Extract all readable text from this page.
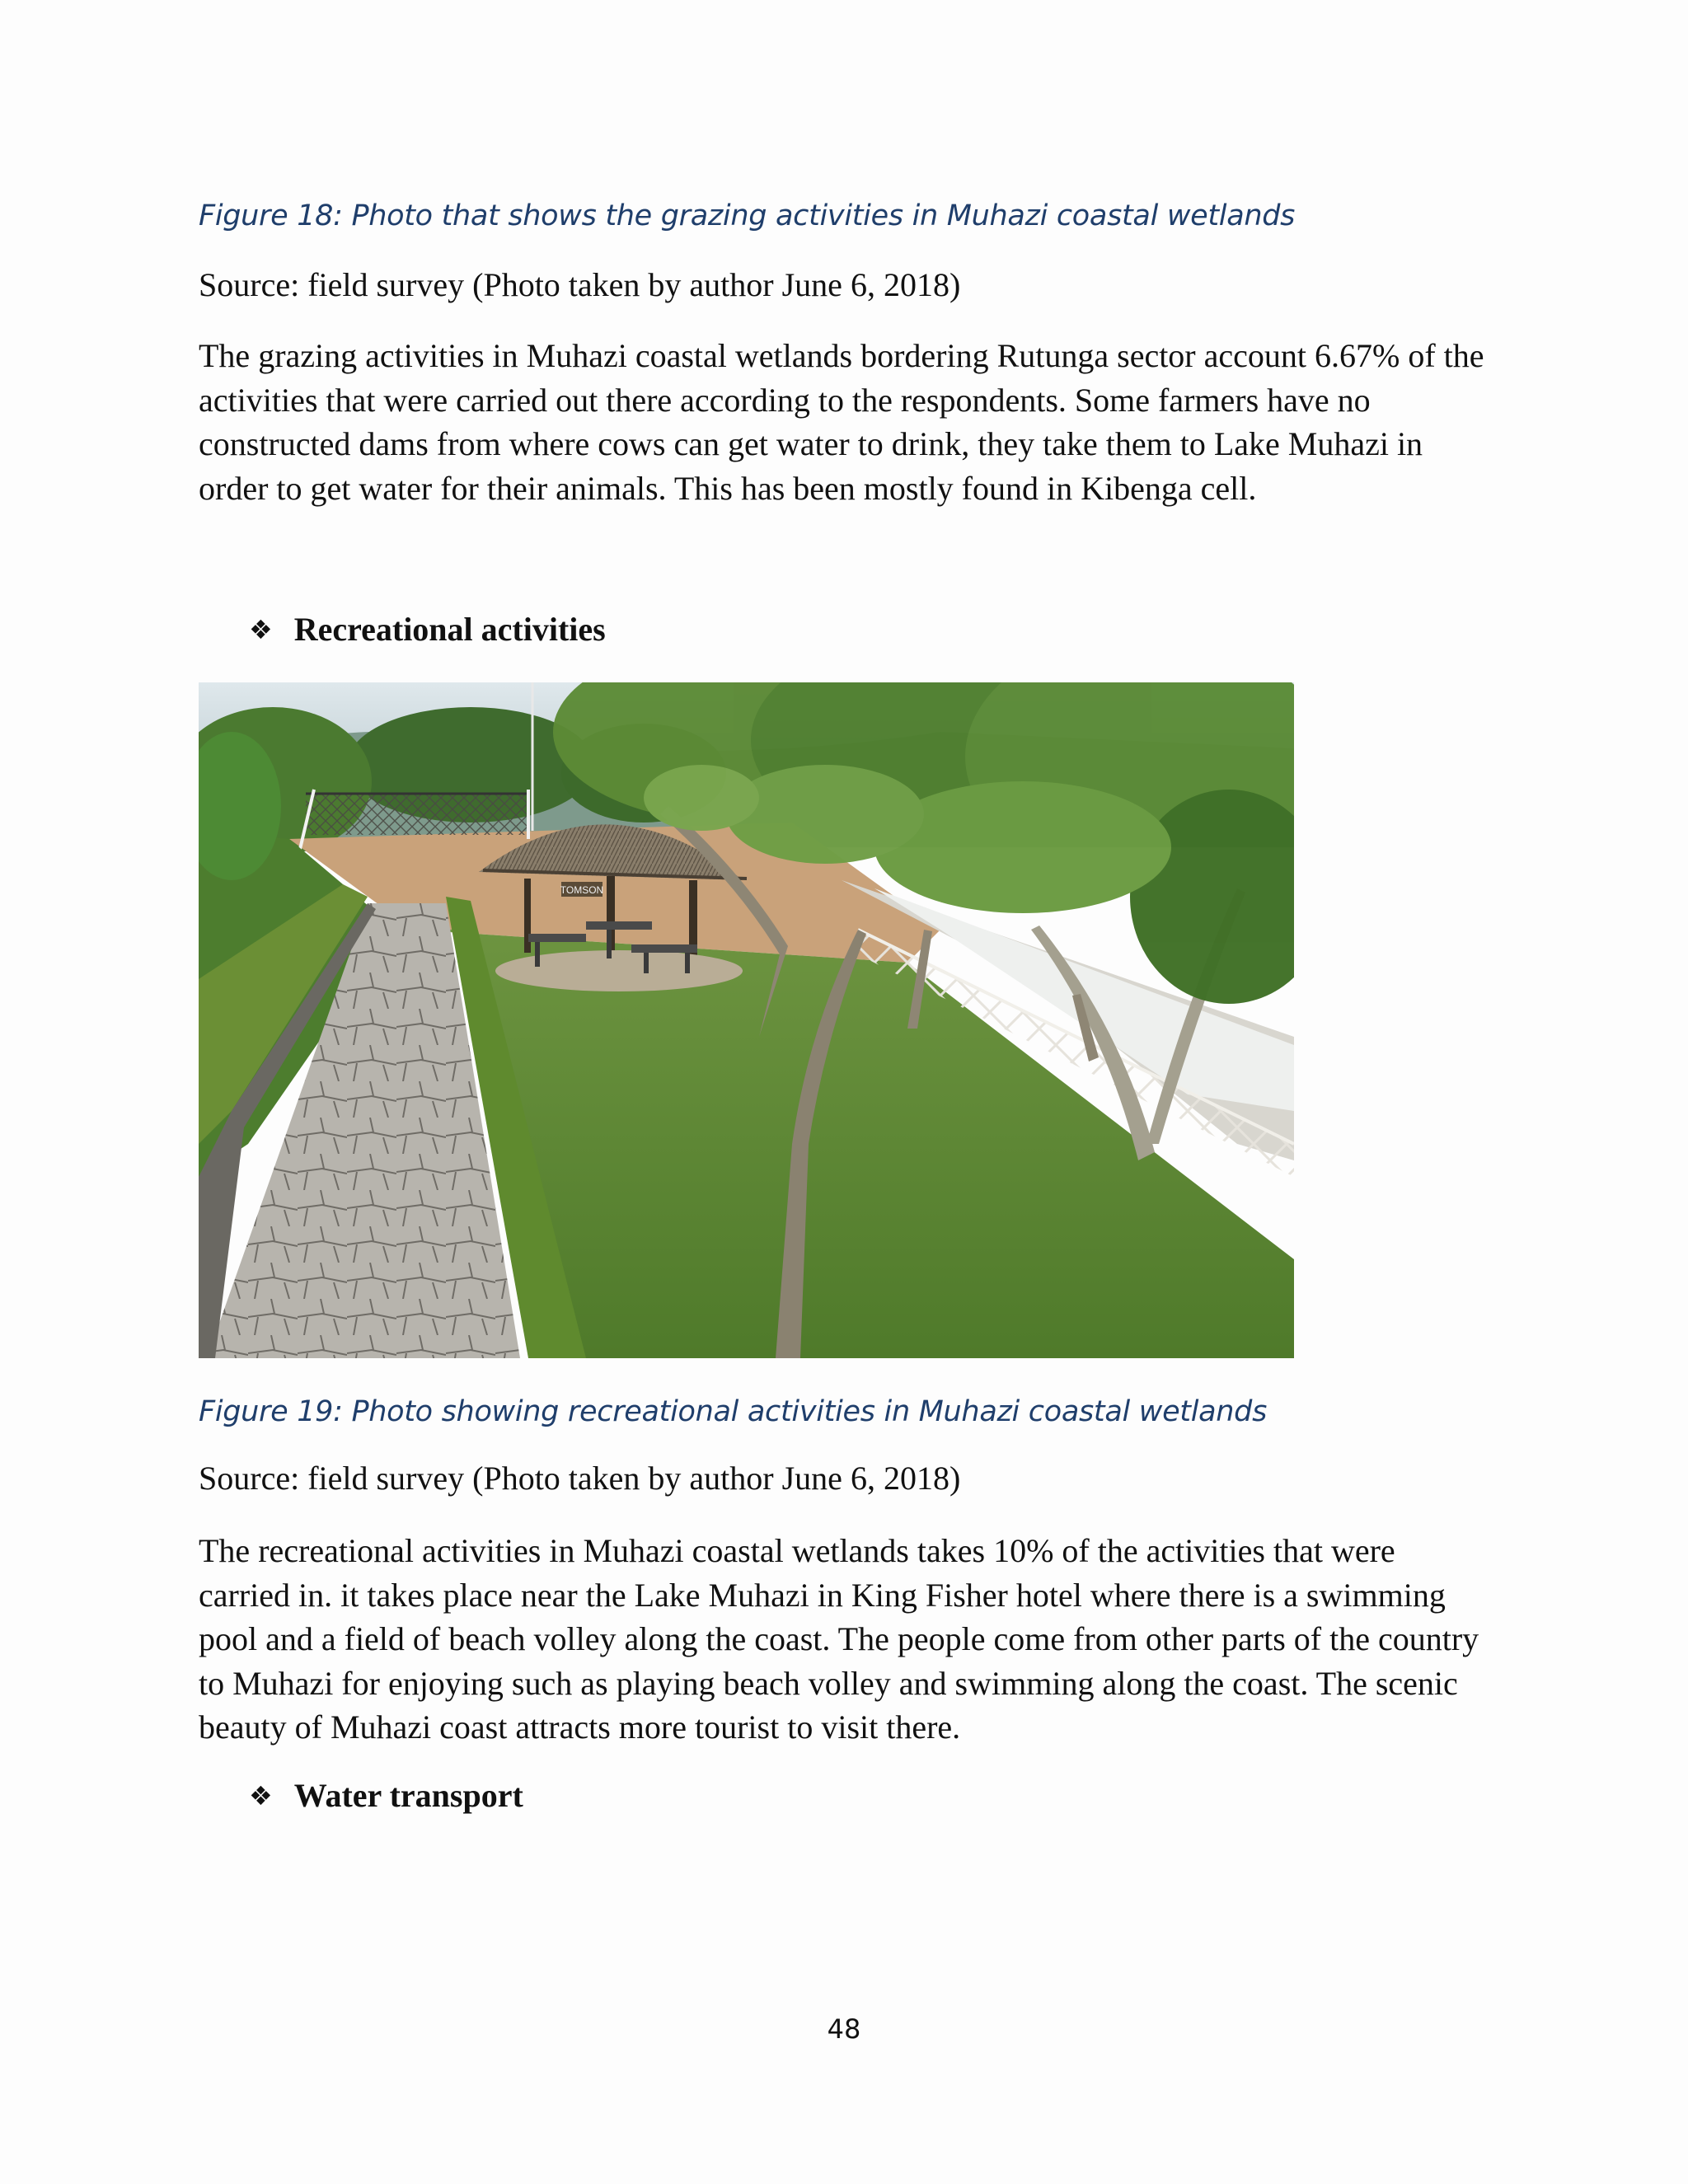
Figure 18: Photo that shows the grazing activities in Muhazi coastal wetlands
Source: field survey (Photo taken by author June 6, 2018)
The grazing activities in Muhazi coastal wetlands bordering Rutunga sector account 6.67% of the
activities that were carried out there according to the respondents. Some farmers have no
constructed dams from where cows can get water to drink, they take them to Lake Muhazi in
order to get water for their animals. This has been mostly found in Kibenga cell.
❖ Recreational activities
TOMSON
Figure 19: Photo showing recreational activities in Muhazi coastal wetlands
Source: field survey (Photo taken by author June 6, 2018)
The recreational activities in Muhazi coastal wetlands takes 10% of the activities that were
carried in. it takes place near the Lake Muhazi in King Fisher hotel where there is a swimming
pool and a field of beach volley along the coast. The people come from other parts of the country
to Muhazi for enjoying such as playing beach volley and swimming along the coast. The scenic
beauty of Muhazi coast attracts more tourist to visit there.
❖ Water transport
48
